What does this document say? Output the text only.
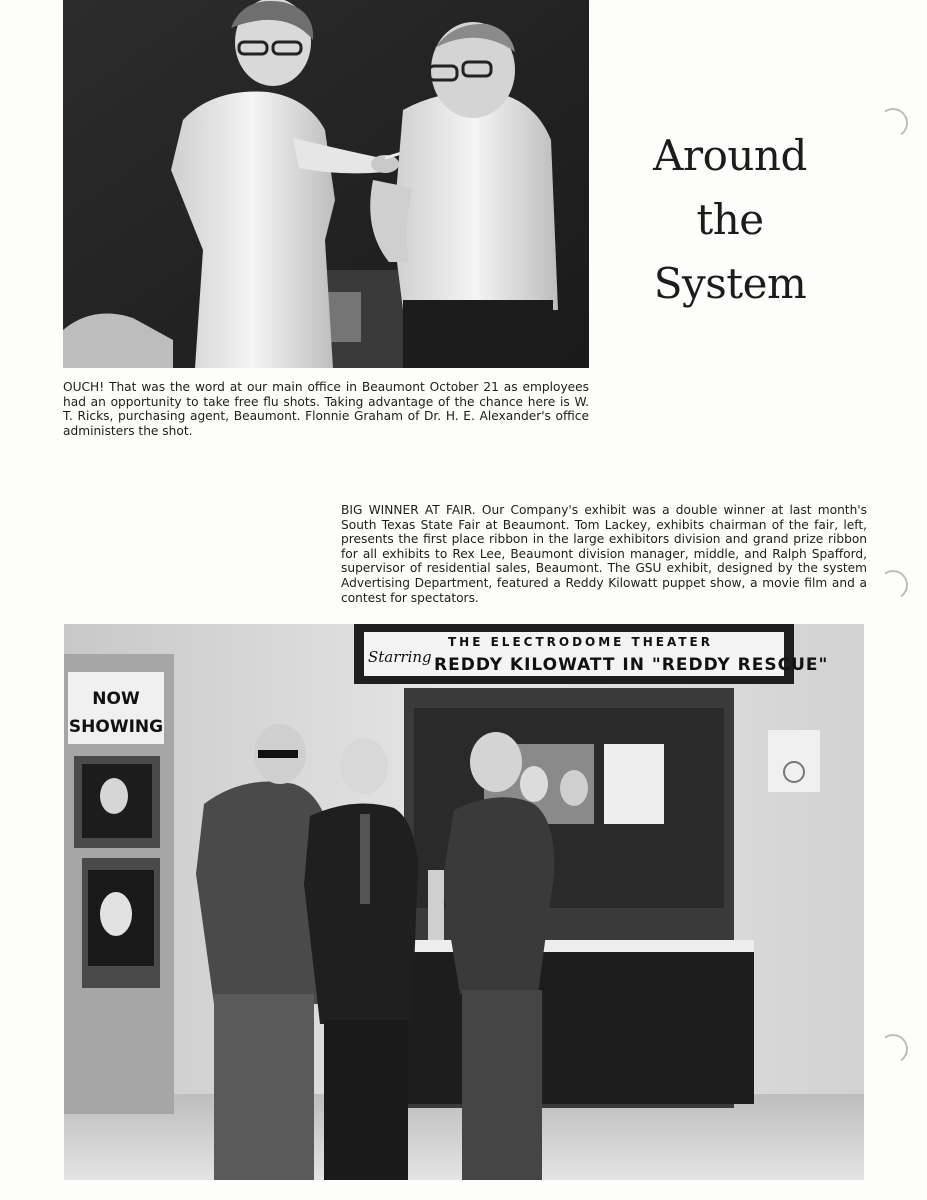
Around
the
System

OUCH! That was the word at our main office in Beaumont October 21 as employees had an opportunity to take free flu shots. Taking advantage of the chance here is W. T. Ricks, purchasing agent, Beaumont. Flonnie Graham of Dr. H. E. Alexander's office administers the shot.

BIG WINNER AT FAIR. Our Company's exhibit was a double winner at last month's South Texas State Fair at Beaumont. Tom Lackey, exhibits chairman of the fair, left, presents the first place ribbon in the large exhibitors division and grand prize ribbon for all exhibits to Rex Lee, Beaumont division manager, middle, and Ralph Spafford, supervisor of residential sales, Beaumont. The GSU exhibit, designed by the system Advertising Department, featured a Reddy Kilowatt puppet show, a movie film and a contest for spectators.

NOW
SHOWING
Starring
THE ELECTRODOME THEATER
REDDY KILOWATT IN "REDDY RESCUE"
